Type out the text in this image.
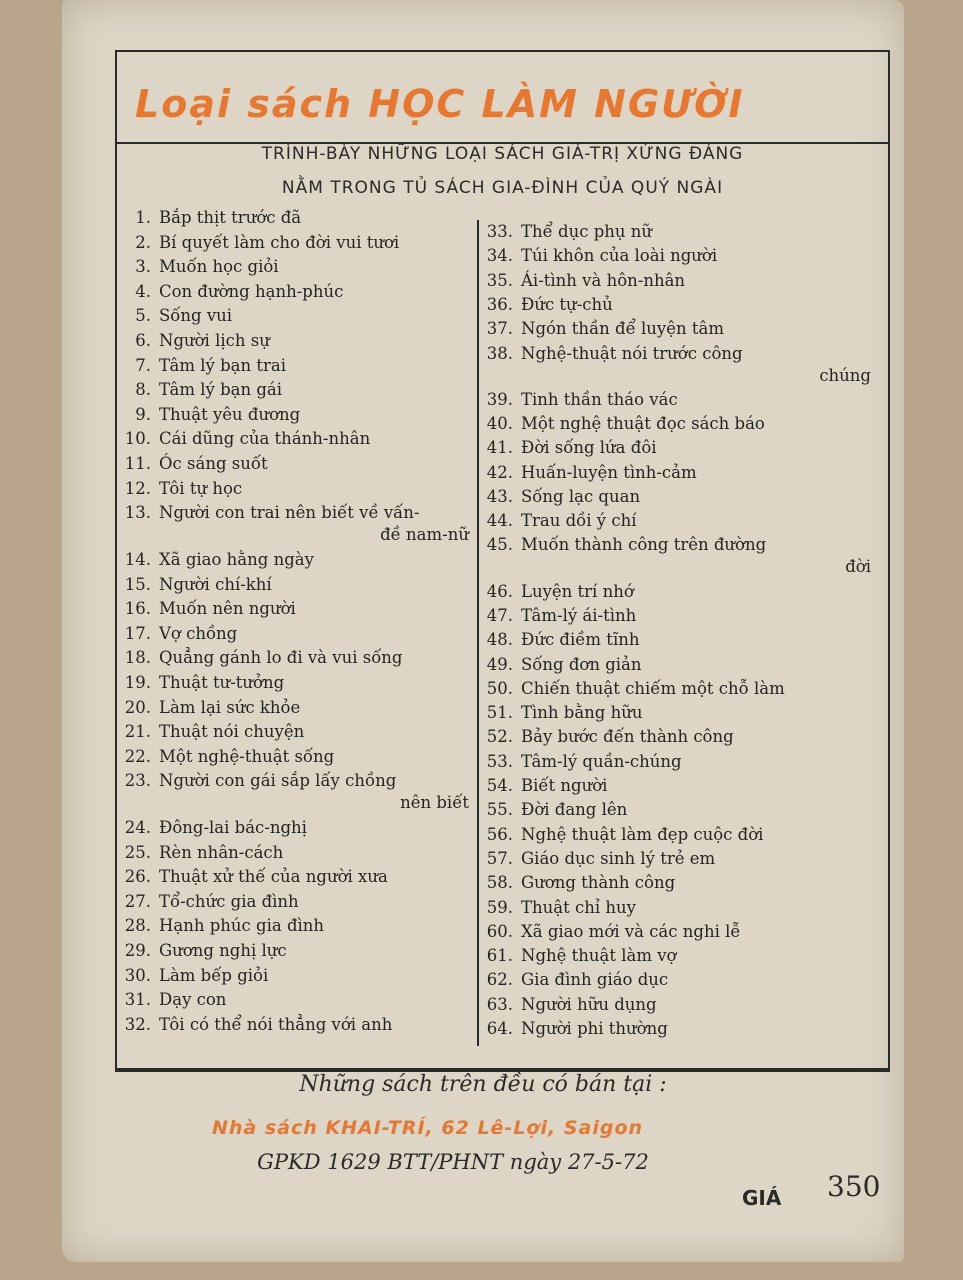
Loại sách HỌC LÀM NGƯỜI
TRÌNH-BÀY NHỮNG LOẠI SÁCH GIÁ-TRỊ XỨNG ĐÁNG
NẰM TRONG TỦ SÁCH GIA-ĐÌNH CỦA QUÝ NGÀI
1. Bắp thịt trước đã
2. Bí quyết làm cho đời vui tươi
3. Muốn học giỏi
4. Con đường hạnh-phúc
5. Sống vui
6. Người lịch sự
7. Tâm lý bạn trai
8. Tâm lý bạn gái
9. Thuật yêu đương
10. Cái dũng của thánh-nhân
11. Óc sáng suốt
12. Tôi tự học
13. Người con trai nên biết về vấn-
đề nam-nữ
14. Xã giao hằng ngày
15. Người chí-khí
16. Muốn nên người
17. Vợ chồng
18. Quẳng gánh lo đi và vui sống
19. Thuật tư-tưởng
20. Làm lại sức khỏe
21. Thuật nói chuyện
22. Một nghệ-thuật sống
23. Người con gái sắp lấy chồng
nên biết
24. Đông-lai bác-nghị
25. Rèn nhân-cách
26. Thuật xử thế của người xưa
27. Tổ-chức gia đình
28. Hạnh phúc gia đình
29. Gương nghị lực
30. Làm bếp giỏi
31. Dạy con
32. Tôi có thể nói thẳng với anh
33. Thể dục phụ nữ
34. Túi khôn của loài người
35. Ái-tình và hôn-nhân
36. Đức tự-chủ
37. Ngón thần để luyện tâm
38. Nghệ-thuật nói trước công
chúng
39. Tinh thần tháo vác
40. Một nghệ thuật đọc sách báo
41. Đời sống lứa đôi
42. Huấn-luyện tình-cảm
43. Sống lạc quan
44. Trau dồi ý chí
45. Muốn thành công trên đường
đời
46. Luyện trí nhớ
47. Tâm-lý ái-tình
48. Đức điềm tĩnh
49. Sống đơn giản
50. Chiến thuật chiếm một chỗ làm
51. Tình bằng hữu
52. Bảy bước đến thành công
53. Tâm-lý quần-chúng
54. Biết người
55. Đời đang lên
56. Nghệ thuật làm đẹp cuộc đời
57. Giáo dục sinh lý trẻ em
58. Gương thành công
59. Thuật chỉ huy
60. Xã giao mới và các nghi lễ
61. Nghệ thuật làm vợ
62. Gia đình giáo dục
63. Người hữu dụng
64. Người phi thường
Những sách trên đều có bán tại :
Nhà sách KHAI-TRÍ, 62 Lê-Lợi, Saigon
GPKD 1629 BTT/PHNT ngày 27-5-72
GIÁ 350
